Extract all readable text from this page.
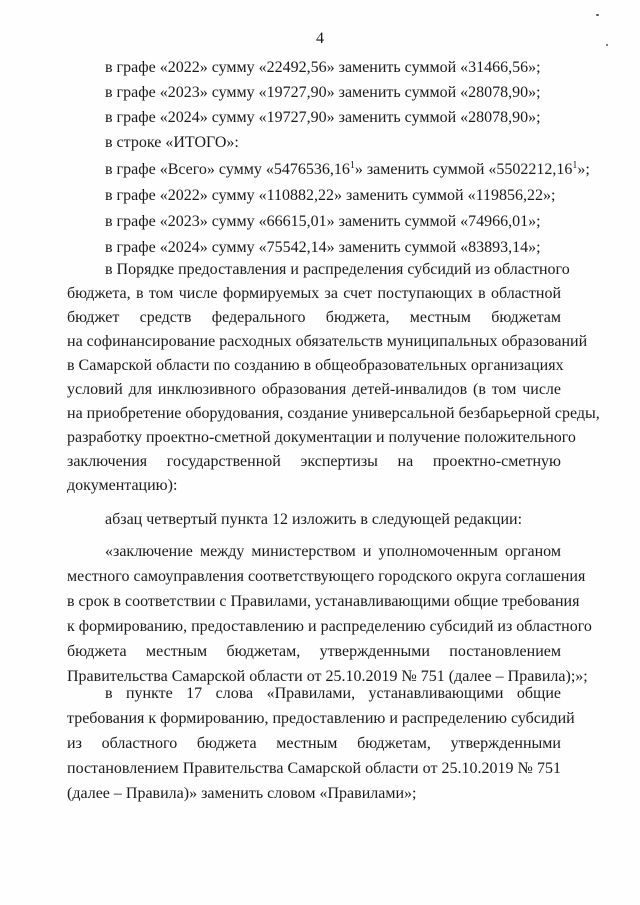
4
в графе «2022» сумму «22492,56» заменить суммой «31466,56»;
в графе «2023» сумму «19727,90» заменить суммой «28078,90»;
в графе «2024» сумму «19727,90» заменить суммой «28078,90»;
в строке «ИТОГО»:
в графе «Всего» сумму «5476536,16$^1$» заменить суммой «5502212,16$^1$»;
в графе «2022» сумму «110882,22» заменить суммой «119856,22»;
в графе «2023» сумму «66615,01» заменить суммой «74966,01»;
в графе «2024» сумму «75542,14» заменить суммой «83893,14»;
в Порядке предоставления и распределения субсидий из областного
бюджета, в том числе формируемых за счет поступающих в областной
бюджет средств федерального бюджета, местным бюджетам
на софинансирование расходных обязательств муниципальных образований
в Самарской области по созданию в общеобразовательных организациях
условий для инклюзивного образования детей-инвалидов (в том числе
на приобретение оборудования, создание универсальной безбарьерной среды,
разработку проектно-сметной документации и получение положительного
заключения государственной экспертизы на проектно-сметную
документацию):
абзац четвертый пункта 12 изложить в следующей редакции:
«заключение между министерством и уполномоченным органом
местного самоуправления соответствующего городского округа соглашения
в срок в соответствии с Правилами, устанавливающими общие требования
к формированию, предоставлению и распределению субсидий из областного
бюджета местным бюджетам, утвержденными постановлением
Правительства Самарской области от 25.10.2019 № 751 (далее – Правила);»;
в пункте 17 слова «Правилами, устанавливающими общие
требования к формированию, предоставлению и распределению субсидий
из областного бюджета местным бюджетам, утвержденными
постановлением Правительства Самарской области от 25.10.2019 № 751
(далее – Правила)» заменить словом «Правилами»;
